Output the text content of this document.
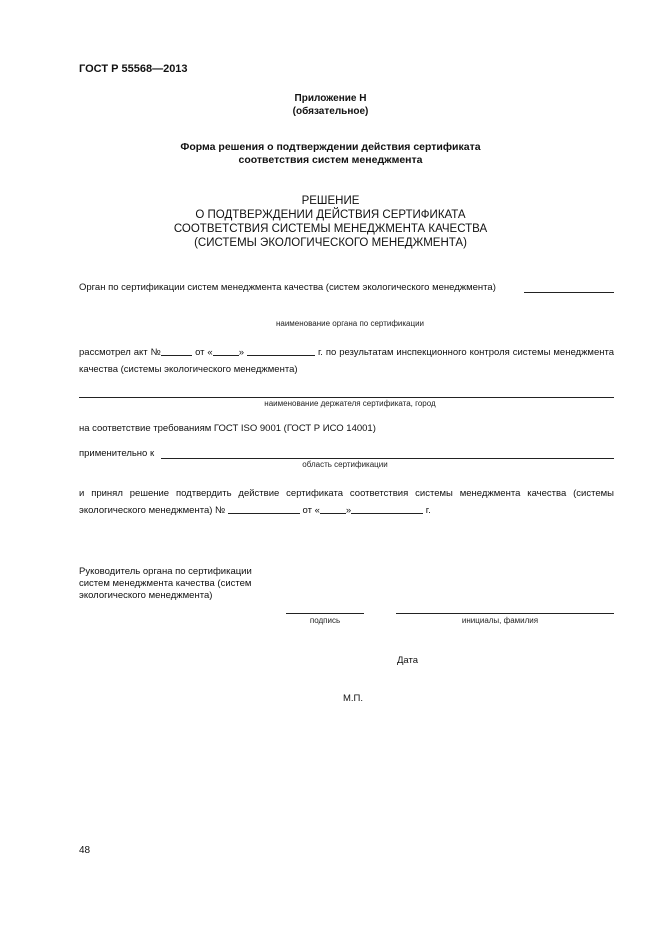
ГОСТ Р 55568—2013
Приложение Н
(обязательное)
Форма решения о подтверждении действия сертификата
соответствия систем менеджмента
РЕШЕНИЕ
О ПОДТВЕРЖДЕНИИ ДЕЙСТВИЯ СЕРТИФИКАТА
СООТВЕТСТВИЯ СИСТЕМЫ МЕНЕДЖМЕНТА КАЧЕСТВА
(СИСТЕМЫ ЭКОЛОГИЧЕСКОГО МЕНЕДЖМЕНТА)
Орган по сертификации систем менеджмента качества (систем экологического менеджмента)
наименование органа по сертификации
рассмотрел акт №	от «	»	г. по результатам инспекционного контроля системы менеджмента качества (системы экологического менеджмента)
наименование держателя сертификата, город
на соответствие требованиям ГОСТ ISO 9001 (ГОСТ Р ИСО 14001)
применительно к
область сертификации
и принял решение подтвердить действие сертификата соответствия системы менеджмента качества (системы экологического менеджмента) №	от «	»	г.
Руководитель органа по сертификации систем менеджмента качества (систем экологического менеджмента)
подпись	инициалы, фамилия
Дата
М.П.
48
